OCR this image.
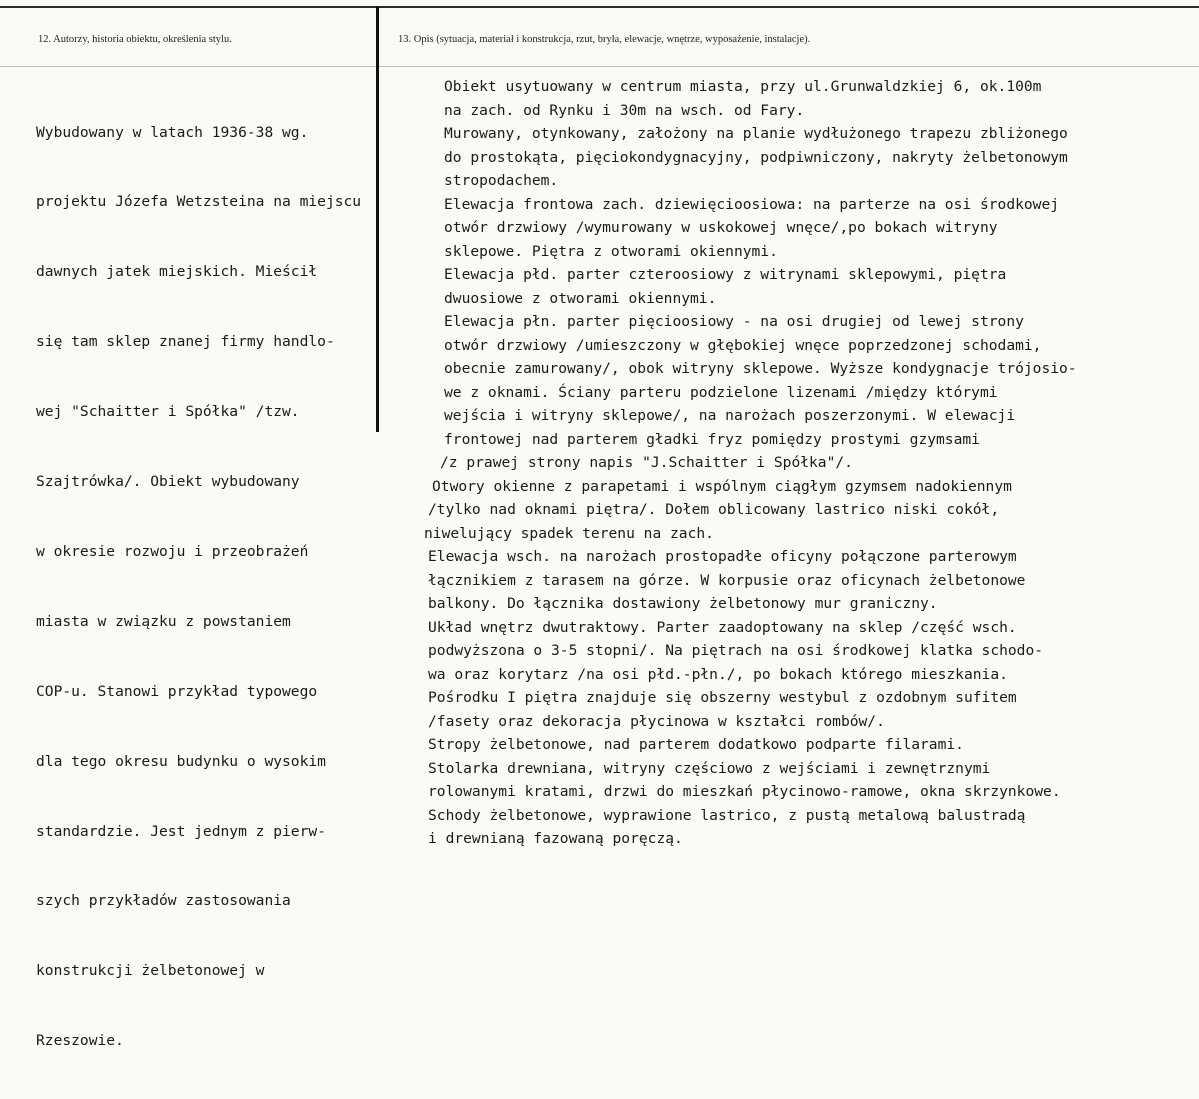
12. Autorzy, historia obiektu, określenia stylu.	13. Opis (sytuacja, materiał i konstrukcja, rzut, bryła, elewacje, wnętrze, wyposażenie, instalacje).

Wybudowany w latach 1936-38 wg.

projektu Józefa Wetzsteina na miejscu

dawnych jatek miejskich. Mieścił

się tam sklep znanej firmy handlo-

wej "Schaitter i Spółka" /tzw.

Szajtrówka/. Obiekt wybudowany

w okresie rozwoju i przeobrażeń

miasta w związku z powstaniem

COP-u. Stanowi przykład typowego

dla tego okresu budynku o wysokim

standardzie. Jest jednym z pierw-

szych przykładów zastosowania

konstrukcji żelbetonowej w

Rzeszowie.

Obiekt usytuowany w centrum miasta, przy ul.Grunwaldzkiej 6, ok.100m
na zach. od Rynku i 30m na wsch. od Fary.
Murowany, otynkowany, założony na planie wydłużonego trapezu zbliżonego
do prostokąta, pięciokondygnacyjny, podpiwniczony, nakryty żelbetonowym
stropodachem.
Elewacja frontowa zach. dziewięcioosiowa: na parterze na osi środkowej
otwór drzwiowy /wymurowany w uskokowej wnęce/,po bokach witryny
sklepowe. Piętra z otworami okiennymi.
Elewacja płd. parter czteroosiowy z witrynami sklepowymi, piętra
dwuosiowe z otworami okiennymi.
Elewacja płn. parter pięcioosiowy - na osi drugiej od lewej strony
otwór drzwiowy /umieszczony w głębokiej wnęce poprzedzonej schodami,
obecnie zamurowany/, obok witryny sklepowe. Wyższe kondygnacje trójosio-
we z oknami. Ściany parteru podzielone lizenami /między którymi
wejścia i witryny sklepowe/, na narożach poszerzonymi. W elewacji
frontowej nad parterem gładki fryz pomiędzy prostymi gzymsami
/z prawej strony napis "J.Schaitter i Spółka"/.
Otwory okienne z parapetami i wspólnym ciągłym gzymsem nadokiennym
/tylko nad oknami piętra/. Dołem oblicowany lastrico niski cokół,
niwelujący spadek terenu na zach.
Elewacja wsch. na narożach prostopadłe oficyny połączone parterowym
łącznikiem z tarasem na górze. W korpusie oraz oficynach żelbetonowe
balkony. Do łącznika dostawiony żelbetonowy mur graniczny.
Układ wnętrz dwutraktowy. Parter zaadoptowany na sklep /część wsch.
podwyższona o 3-5 stopni/. Na piętrach na osi środkowej klatka schodo-
wa oraz korytarz /na osi płd.-płn./, po bokach którego mieszkania.
Pośrodku I piętra znajduje się obszerny westybul z ozdobnym sufitem
/fasety oraz dekoracja płycinowa w kształci rombów/.
Stropy żelbetonowe, nad parterem dodatkowo podparte filarami.
Stolarka drewniana, witryny częściowo z wejściami i zewnętrznymi
rolowanymi kratami, drzwi do mieszkań płycinowo-ramowe, okna skrzynkowe.
Schody żelbetonowe, wyprawione lastrico, z pustą metalową balustradą
i drewnianą fazowaną poręczą.
